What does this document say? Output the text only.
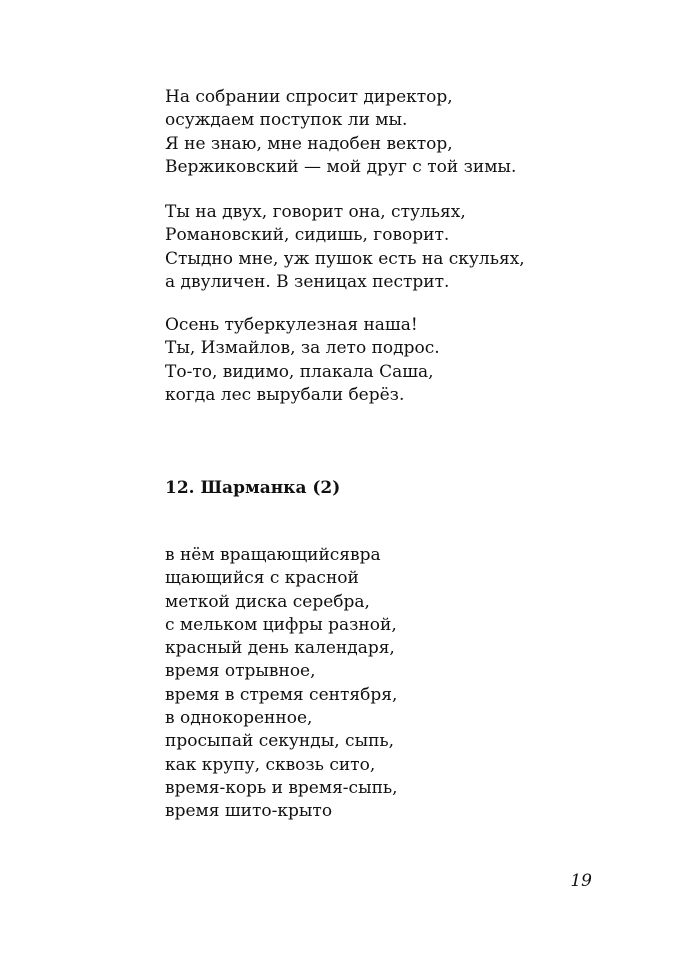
На собрании спросит директор,
осуждаем поступок ли мы.
Я не знаю, мне надобен вектор,
Вержиковский — мой друг с той зимы.
Ты на двух, говорит она, стульях,
Романовский, сидишь, говорит.
Стыдно мне, уж пушок есть на скульях,
а двуличен. В зеницах пестрит.
Осень туберкулезная наша!
Ты, Измайлов, за лето подрос.
То-то, видимо, плакала Саша,
когда лес вырубали берёз.
12. Шарманка (2)
в нём вращающийсявра
щающийся с красной
меткой диска серебра,
с мельком цифры разной,
красный день календаря,
время отрывное,
время в стремя сентября,
в однокоренное,
просыпай секунды, сыпь,
как крупу, сквозь сито,
время-корь и время-сыпь,
время шито-крыто
19
